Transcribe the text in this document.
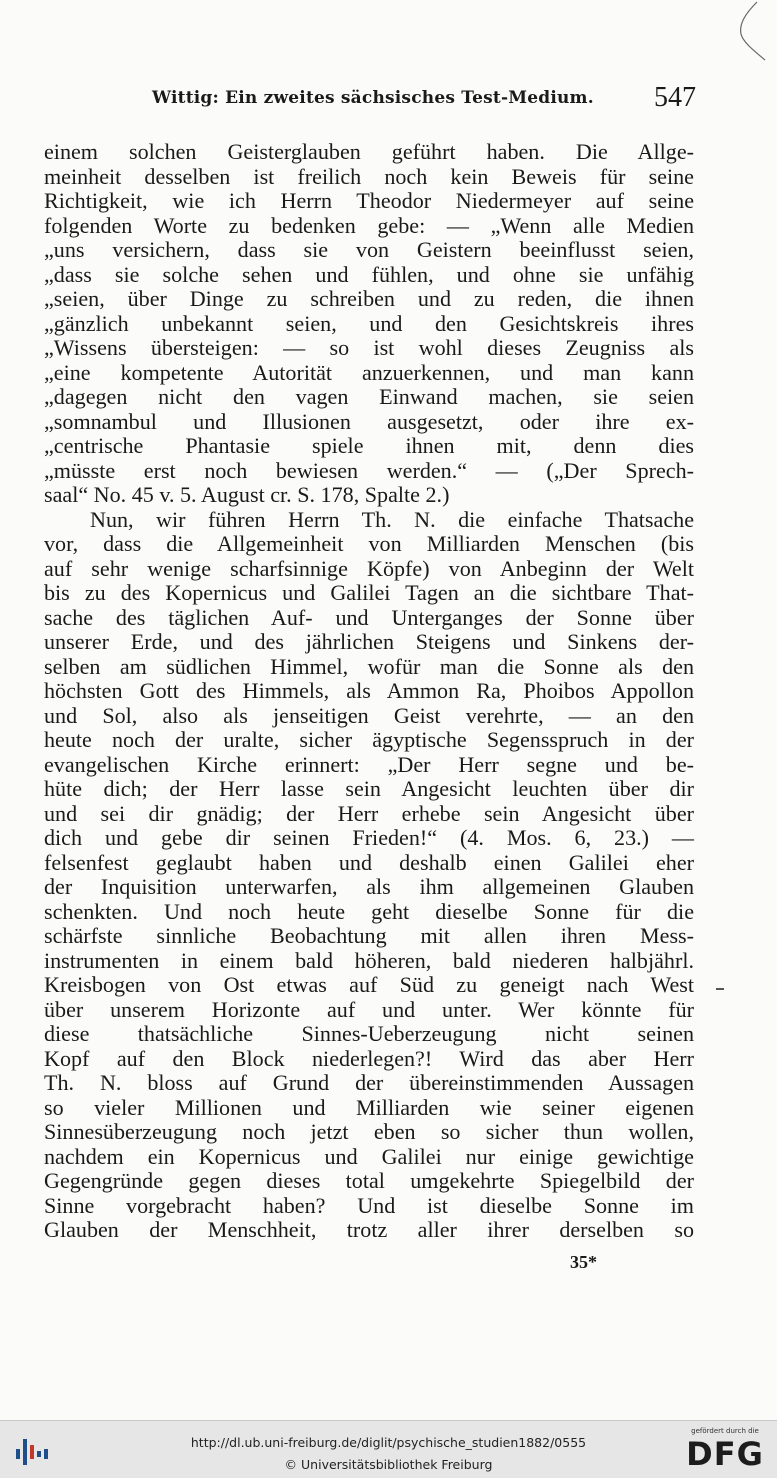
Wittig: Ein zweites sächsisches Test-Medium. 547
einem solchen Geisterglauben geführt haben. Die Allge-
meinheit desselben ist freilich noch kein Beweis für seine
Richtigkeit, wie ich Herrn Theodor Niedermeyer auf seine
folgenden Worte zu bedenken gebe: — „Wenn alle Medien
„uns versichern, dass sie von Geistern beeinflusst seien,
„dass sie solche sehen und fühlen, und ohne sie unfähig
„seien, über Dinge zu schreiben und zu reden, die ihnen
„gänzlich unbekannt seien, und den Gesichtskreis ihres
„Wissens übersteigen: — so ist wohl dieses Zeugniss als
„eine kompetente Autorität anzuerkennen, und man kann
„dagegen nicht den vagen Einwand machen, sie seien
„somnambul und Illusionen ausgesetzt, oder ihre ex-
„centrische Phantasie spiele ihnen mit, denn dies
„müsste erst noch bewiesen werden.“ — („Der Sprech-
saal“ No. 45 v. 5. August cr. S. 178, Spalte 2.)
Nun, wir führen Herrn Th. N. die einfache Thatsache
vor, dass die Allgemeinheit von Milliarden Menschen (bis
auf sehr wenige scharfsinnige Köpfe) von Anbeginn der Welt
bis zu des Kopernicus und Galilei Tagen an die sichtbare That-
sache des täglichen Auf- und Unterganges der Sonne über
unserer Erde, und des jährlichen Steigens und Sinkens der-
selben am südlichen Himmel, wofür man die Sonne als den
höchsten Gott des Himmels, als Ammon Ra, Phoibos Appollon
und Sol, also als jenseitigen Geist verehrte, — an den
heute noch der uralte, sicher ägyptische Segensspruch in der
evangelischen Kirche erinnert: „Der Herr segne und be-
hüte dich; der Herr lasse sein Angesicht leuchten über dir
und sei dir gnädig; der Herr erhebe sein Angesicht über
dich und gebe dir seinen Frieden!“ (4. Mos. 6, 23.) —
felsenfest geglaubt haben und deshalb einen Galilei eher
der Inquisition unterwarfen, als ihm allgemeinen Glauben
schenkten. Und noch heute geht dieselbe Sonne für die
schärfste sinnliche Beobachtung mit allen ihren Mess-
instrumenten in einem bald höheren, bald niederen halbjährl.
Kreisbogen von Ost etwas auf Süd zu geneigt nach West
über unserem Horizonte auf und unter. Wer könnte für
diese thatsächliche Sinnes-Ueberzeugung nicht seinen
Kopf auf den Block niederlegen?! Wird das aber Herr
Th. N. bloss auf Grund der übereinstimmenden Aussagen
so vieler Millionen und Milliarden wie seiner eigenen
Sinnesüberzeugung noch jetzt eben so sicher thun wollen,
nachdem ein Kopernicus und Galilei nur einige gewichtige
Gegengründe gegen dieses total umgekehrte Spiegelbild der
Sinne vorgebracht haben? Und ist dieselbe Sonne im
Glauben der Menschheit, trotz aller ihrer derselben so
35*
http://dl.ub.uni-freiburg.de/diglit/psychische_studien1882/0555
© Universitätsbibliothek Freiburg
gefördert durch die
DFG
